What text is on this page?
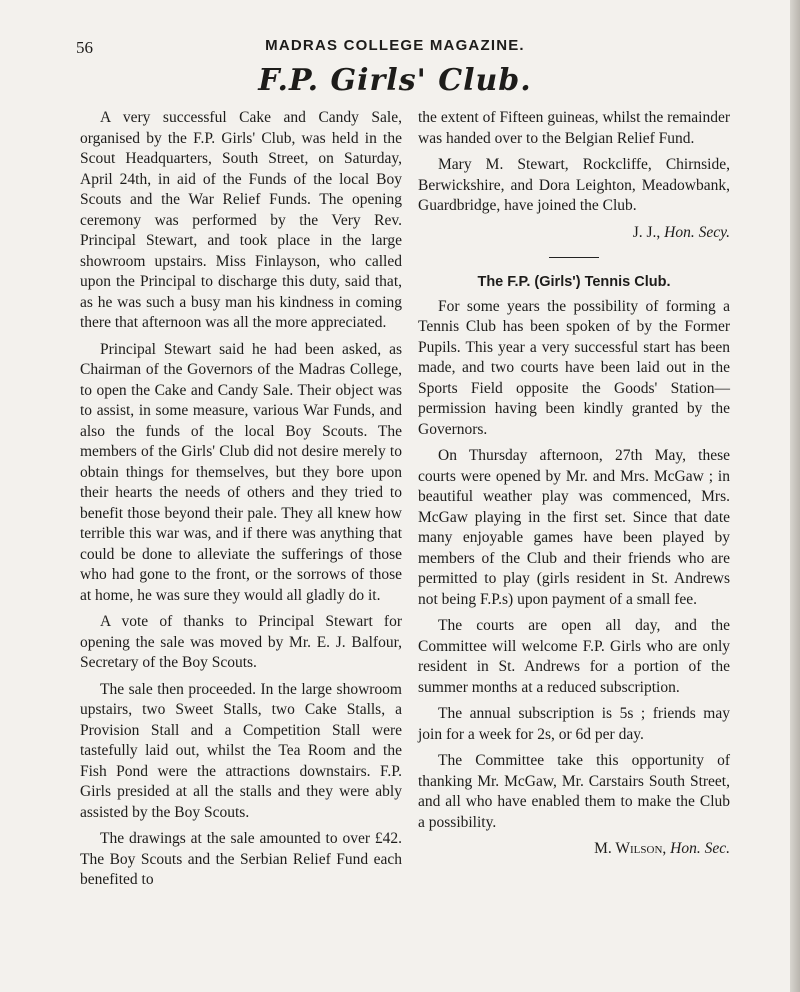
56	MADRAS COLLEGE MAGAZINE.
F.P. Girls' Club.

A very successful Cake and Candy Sale, organised by the F.P. Girls' Club, was held in the Scout Headquarters, South Street, on Saturday, April 24th, in aid of the Funds of the local Boy Scouts and the War Relief Funds. The opening ceremony was performed by the Very Rev. Principal Stewart, and took place in the large showroom upstairs. Miss Finlayson, who called upon the Principal to discharge this duty, said that, as he was such a busy man his kindness in coming there that afternoon was all the more appreciated.

Principal Stewart said he had been asked, as Chairman of the Governors of the Madras College, to open the Cake and Candy Sale. Their object was to assist, in some measure, various War Funds, and also the funds of the local Boy Scouts. The members of the Girls' Club did not desire merely to obtain things for themselves, but they bore upon their hearts the needs of others and they tried to benefit those beyond their pale. They all knew how terrible this war was, and if there was anything that could be done to alleviate the sufferings of those who had gone to the front, or the sorrows of those at home, he was sure they would all gladly do it.

A vote of thanks to Principal Stewart for opening the sale was moved by Mr. E. J. Balfour, Secretary of the Boy Scouts.

The sale then proceeded. In the large showroom upstairs, two Sweet Stalls, two Cake Stalls, a Provision Stall and a Competition Stall were tastefully laid out, whilst the Tea Room and the Fish Pond were the attractions downstairs. F.P. Girls presided at all the stalls and they were ably assisted by the Boy Scouts.

The drawings at the sale amounted to over £42. The Boy Scouts and the Serbian Relief Fund each benefited to

the extent of Fifteen guineas, whilst the remainder was handed over to the Belgian Relief Fund.

Mary M. Stewart, Rockcliffe, Chirnside, Berwickshire, and Dora Leighton, Meadowbank, Guardbridge, have joined the Club.

J. J., Hon. Secy.
The F.P. (Girls') Tennis Club.

For some years the possibility of forming a Tennis Club has been spoken of by the Former Pupils. This year a very successful start has been made, and two courts have been laid out in the Sports Field opposite the Goods' Station—permission having been kindly granted by the Governors.

On Thursday afternoon, 27th May, these courts were opened by Mr. and Mrs. McGaw ; in beautiful weather play was commenced, Mrs. McGaw playing in the first set. Since that date many enjoyable games have been played by members of the Club and their friends who are permitted to play (girls resident in St. Andrews not being F.P.s) upon payment of a small fee.

The courts are open all day, and the Committee will welcome F.P. Girls who are only resident in St. Andrews for a portion of the summer months at a reduced subscription.

The annual subscription is 5s ; friends may join for a week for 2s, or 6d per day.

The Committee take this opportunity of thanking Mr. McGaw, Mr. Carstairs South Street, and all who have enabled them to make the Club a possibility.

M. Wilson, Hon. Sec.
